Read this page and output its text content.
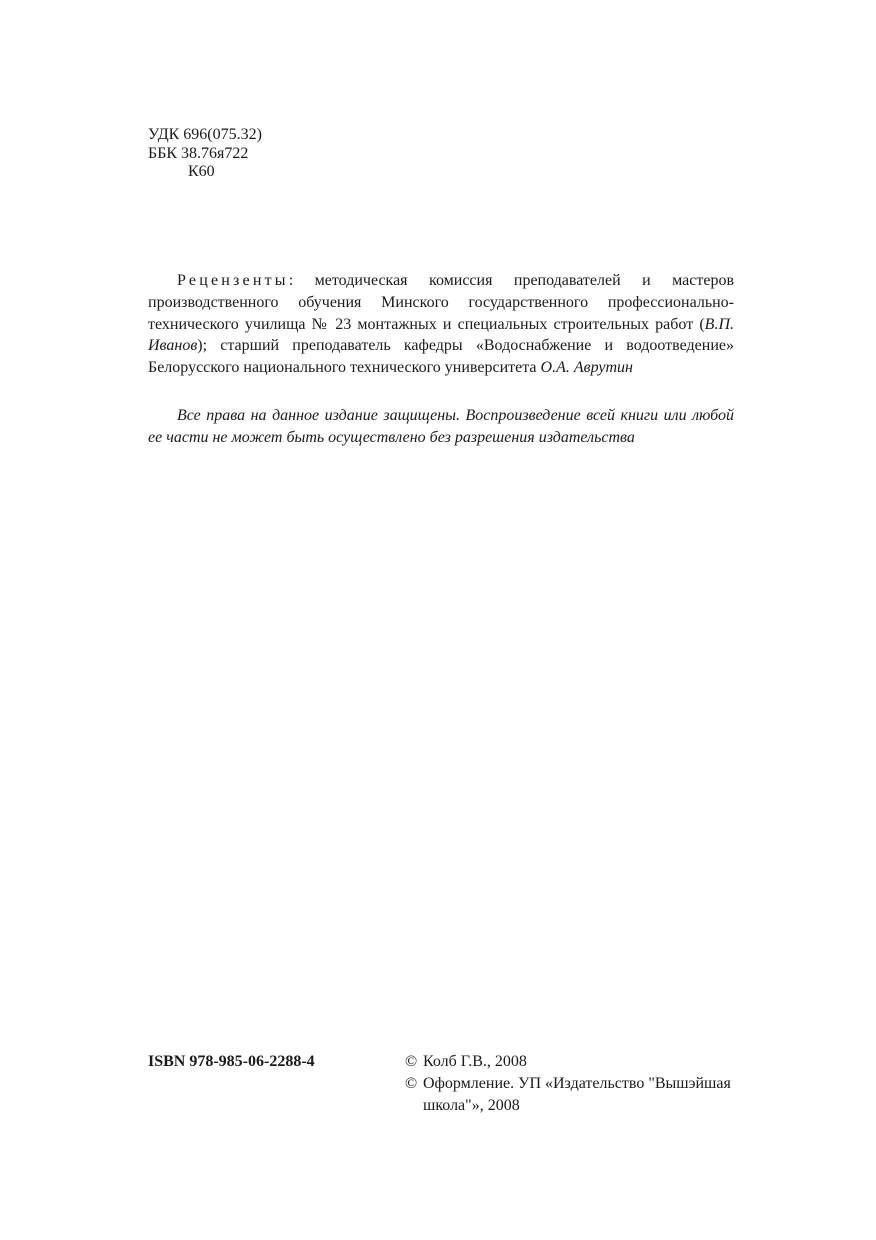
УДК 696(075.32)
ББК 38.76я722
К60

Рецензенты: методическая комиссия преподавателей и мастеров производственного обучения Минского государственного профессионально-технического училища № 23 монтажных и специальных строительных работ (В.П. Иванов); старший преподаватель кафедры «Водоснабжение и водоотведение» Белорусского национального технического университета О.А. Аврутин

Все права на данное издание защищены. Воспроизведение всей книги или любой ее части не может быть осуществлено без разрешения издательства

ISBN 978-985-06-2288-4	© Колб Г.В., 2008
© Оформление. УП «Издательство "Вышэйшая школа"», 2008
